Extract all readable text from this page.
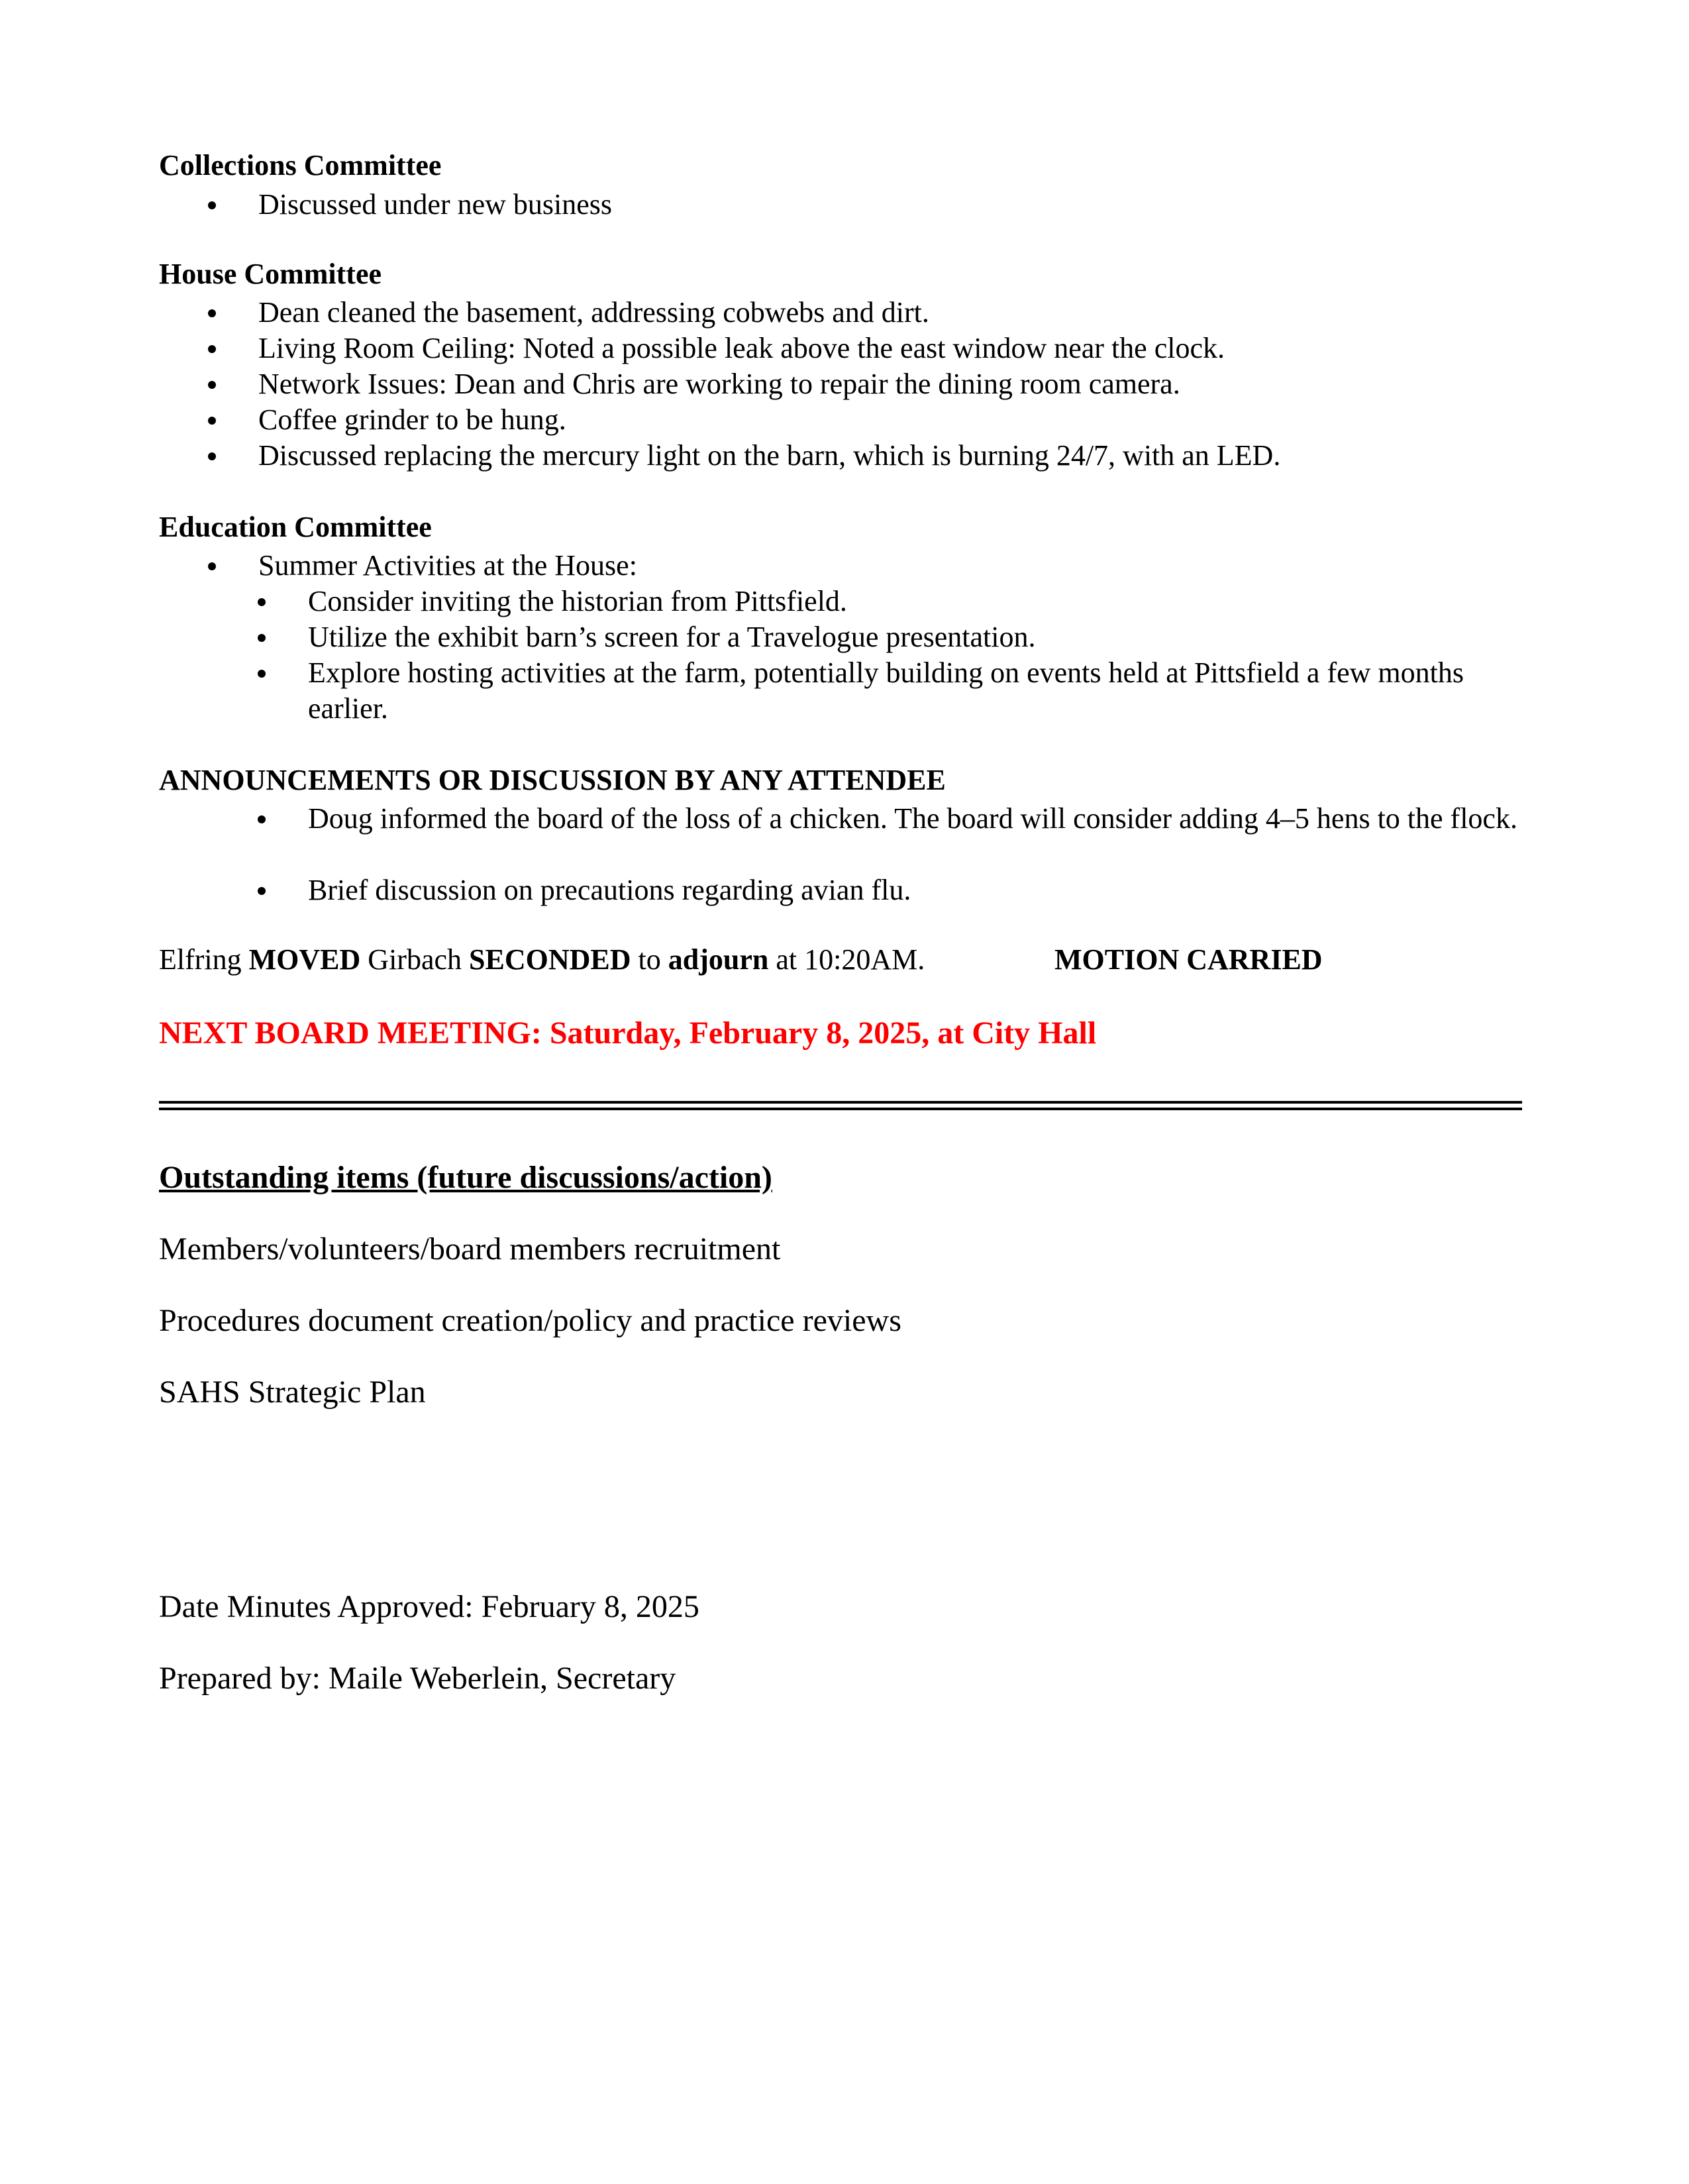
Collections Committee

Discussed under new business

House Committee

Dean cleaned the basement, addressing cobwebs and dirt.

Living Room Ceiling: Noted a possible leak above the east window near the clock.

Network Issues: Dean and Chris are working to repair the dining room camera.

Coffee grinder to be hung.

Discussed replacing the mercury light on the barn, which is burning 24/7, with an LED.

Education Committee

Summer Activities at the House:

Consider inviting the historian from Pittsfield.

Utilize the exhibit barn’s screen for a Travelogue presentation.

Explore hosting activities at the farm, potentially building on events held at Pittsfield a few months earlier.

ANNOUNCEMENTS OR DISCUSSION BY ANY ATTENDEE

Doug informed the board of the loss of a chicken. The board will consider adding 4–5 hens to the flock.

Brief discussion on precautions regarding avian flu.

Elfring MOVED Girbach SECONDED to adjourn at 10:20AM.	MOTION CARRIED

NEXT BOARD MEETING: Saturday, February 8, 2025, at City Hall

Outstanding items (future discussions/action)

Members/volunteers/board members recruitment

Procedures document creation/policy and practice reviews

SAHS Strategic Plan

Date Minutes Approved: February 8, 2025

Prepared by: Maile Weberlein, Secretary
